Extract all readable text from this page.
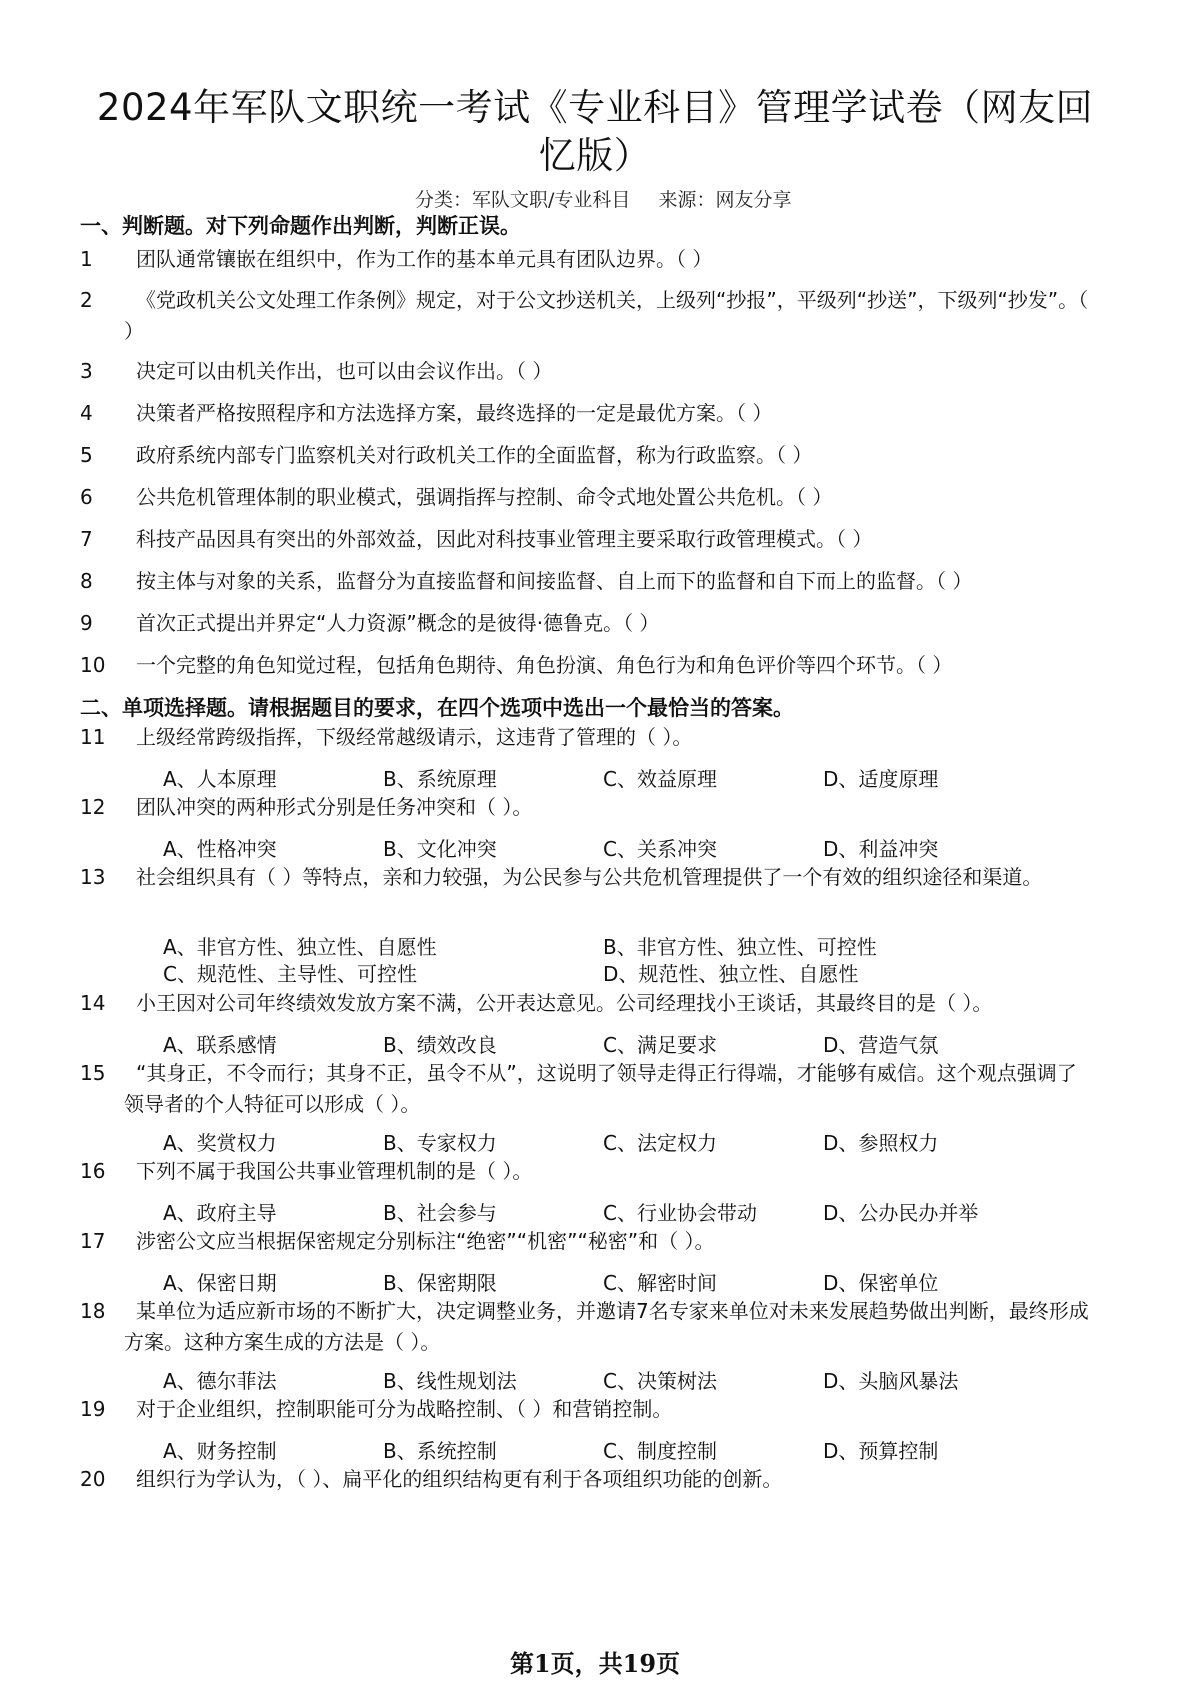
2024年军队文职统一考试《专业科目》管理学试卷（网友回忆版）
分类：军队文职/专业科目 来源：网友分享
一、判断题。对下列命题作出判断，判断正误。
1	团队通常镶嵌在组织中，作为工作的基本单元具有团队边界。（ ）
2	《党政机关公文处理工作条例》规定，对于公文抄送机关，上级列“抄报”，平级列“抄送”，下级列“抄发”。（ ）
3	决定可以由机关作出，也可以由会议作出。（ ）
4	决策者严格按照程序和方法选择方案，最终选择的一定是最优方案。（ ）
5	政府系统内部专门监察机关对行政机关工作的全面监督，称为行政监察。（ ）
6	公共危机管理体制的职业模式，强调指挥与控制、命令式地处置公共危机。（ ）
7	科技产品因具有突出的外部效益，因此对科技事业管理主要采取行政管理模式。（ ）
8	按主体与对象的关系，监督分为直接监督和间接监督、自上而下的监督和自下而上的监督。（ ）
9	首次正式提出并界定“人力资源”概念的是彼得·德鲁克。（ ）
10	一个完整的角色知觉过程，包括角色期待、角色扮演、角色行为和角色评价等四个环节。（ ）
二、单项选择题。请根据题目的要求，在四个选项中选出一个最恰当的答案。
11	上级经常跨级指挥，下级经常越级请示，这违背了管理的（ ）。
A、人本原理	B、系统原理	C、效益原理	D、适度原理
12	团队冲突的两种形式分别是任务冲突和（ ）。
A、性格冲突	B、文化冲突	C、关系冲突	D、利益冲突
13	社会组织具有（ ）等特点，亲和力较强，为公民参与公共危机管理提供了一个有效的组织途径和渠道。
A、非官方性、独立性、自愿性	B、非官方性、独立性、可控性
C、规范性、主导性、可控性	D、规范性、独立性、自愿性
14	小王因对公司年终绩效发放方案不满，公开表达意见。公司经理找小王谈话，其最终目的是（ ）。
A、联系感情	B、绩效改良	C、满足要求	D、营造气氛
15	“其身正，不令而行；其身不正，虽令不从”，这说明了领导走得正行得端，才能够有威信。这个观点强调了领导者的个人特征可以形成（ ）。
A、奖赏权力	B、专家权力	C、法定权力	D、参照权力
16	下列不属于我国公共事业管理机制的是（ ）。
A、政府主导	B、社会参与	C、行业协会带动	D、公办民办并举
17	涉密公文应当根据保密规定分别标注“绝密”“机密”“秘密”和（ ）。
A、保密日期	B、保密期限	C、解密时间	D、保密单位
18	某单位为适应新市场的不断扩大，决定调整业务，并邀请7名专家来单位对未来发展趋势做出判断，最终形成方案。这种方案生成的方法是（ ）。
A、德尔菲法	B、线性规划法	C、决策树法	D、头脑风暴法
19	对于企业组织，控制职能可分为战略控制、（ ）和营销控制。
A、财务控制	B、系统控制	C、制度控制	D、预算控制
20	组织行为学认为，（ ）、扁平化的组织结构更有利于各项组织功能的创新。
第1页，共19页
